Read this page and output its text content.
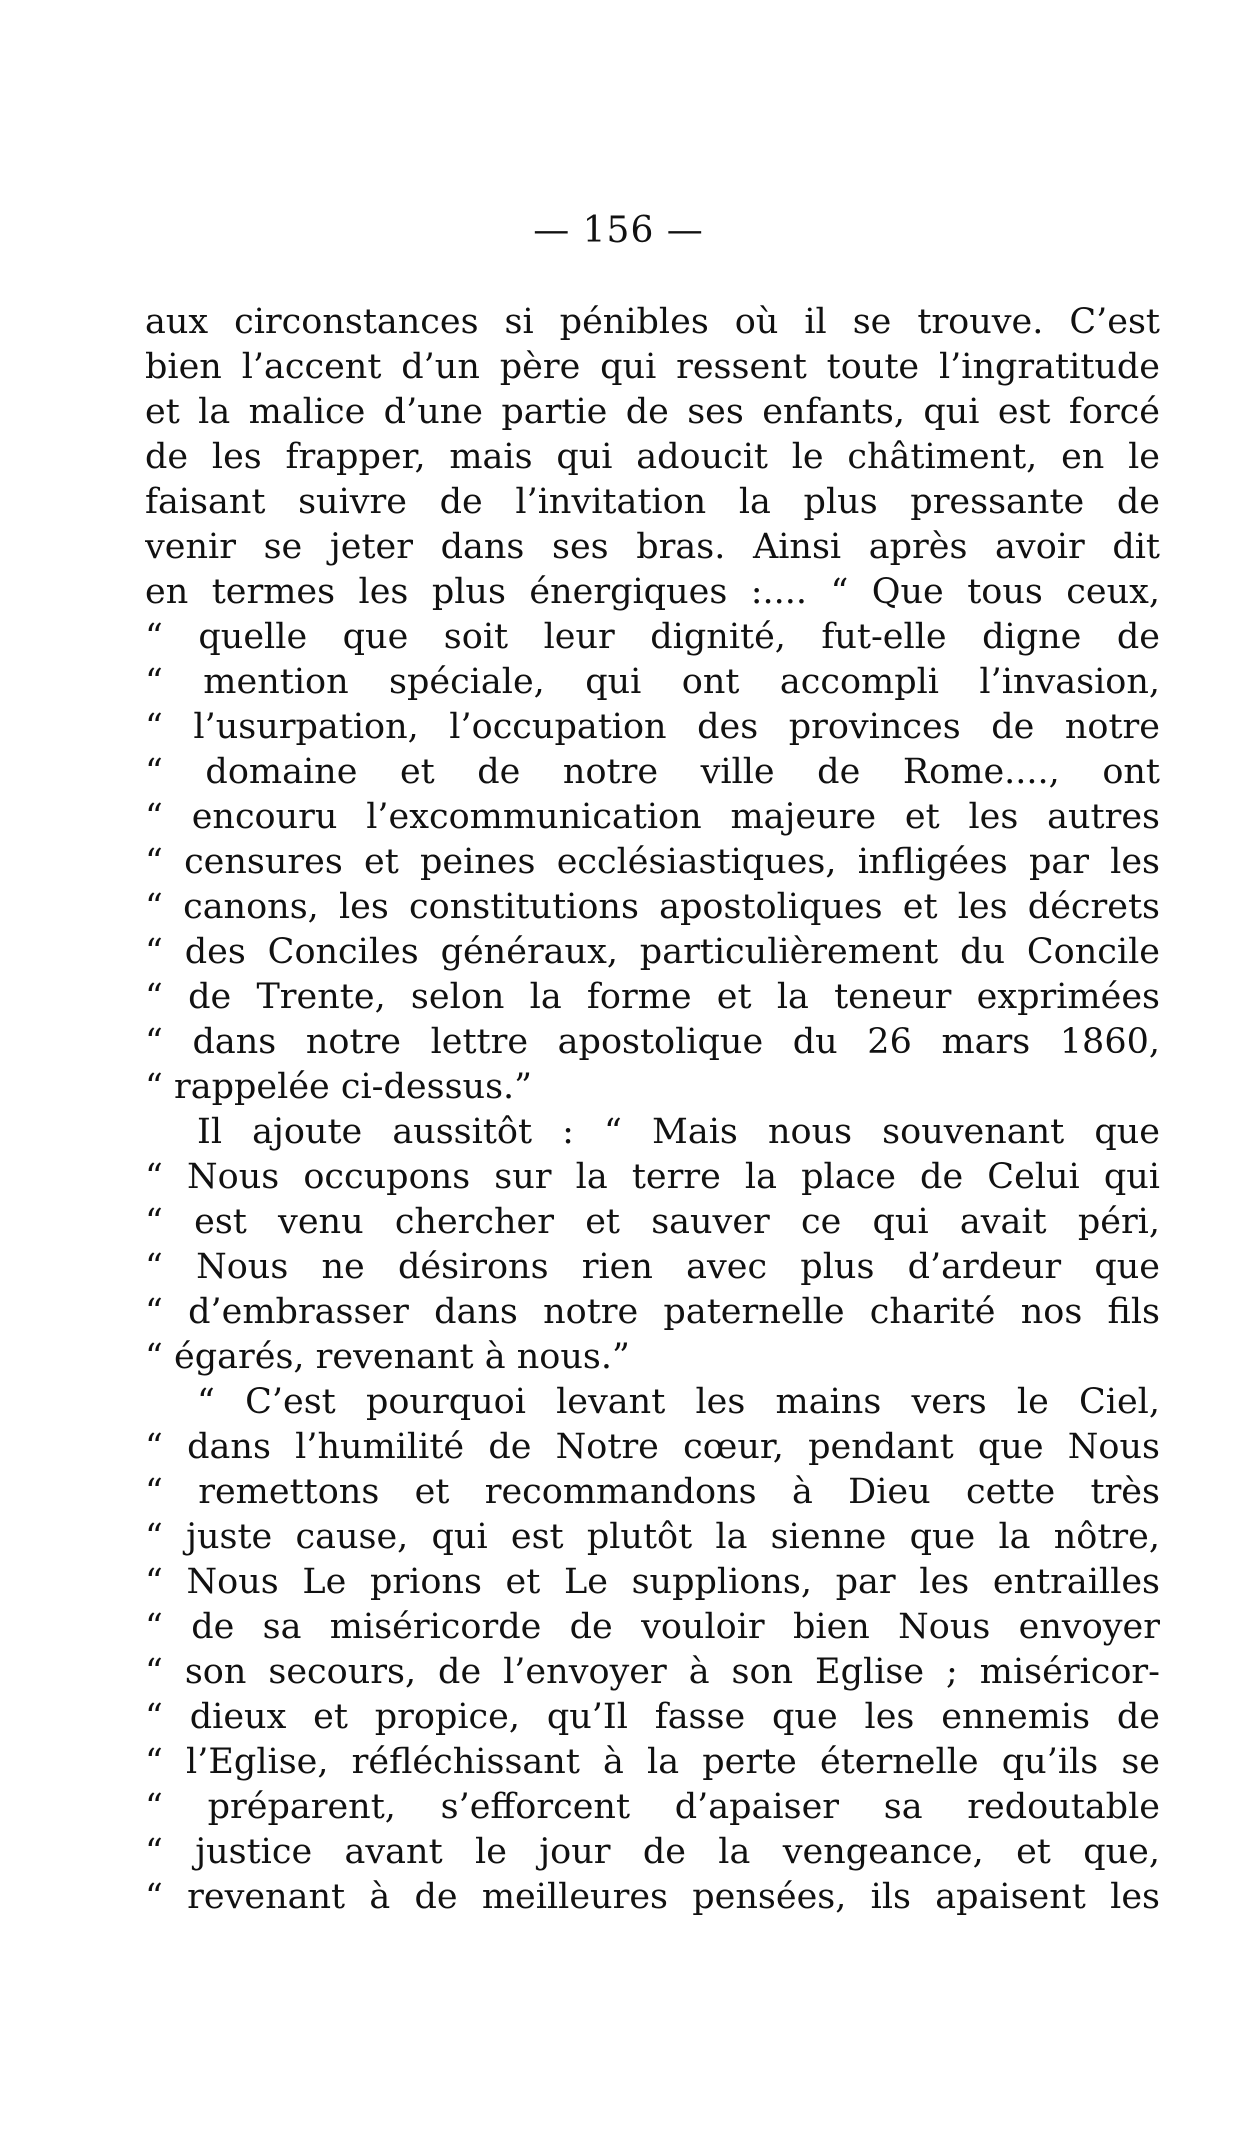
— 156 —
aux circonstances si pénibles où il se trouve. C’est
bien l’accent d’un père qui ressent toute l’ingratitude
et la malice d’une partie de ses enfants, qui est forcé
de les frapper, mais qui adoucit le châtiment, en le
faisant suivre de l’invitation la plus pressante de
venir se jeter dans ses bras. Ainsi après avoir dit
en termes les plus énergiques :.... “ Que tous ceux,
“ quelle que soit leur dignité, fut-elle digne de
“ mention spéciale, qui ont accompli l’invasion,
“ l’usurpation, l’occupation des provinces de notre
“ domaine et de notre ville de Rome...., ont
“ encouru l’excommunication majeure et les autres
“ censures et peines ecclésiastiques, infligées par les
“ canons, les constitutions apostoliques et les décrets
“ des Conciles généraux, particulièrement du Concile
“ de Trente, selon la forme et la teneur exprimées
“ dans notre lettre apostolique du 26 mars 1860,
“ rappelée ci-dessus.”
Il ajoute aussitôt : “ Mais nous souvenant que
“ Nous occupons sur la terre la place de Celui qui
“ est venu chercher et sauver ce qui avait péri,
“ Nous ne désirons rien avec plus d’ardeur que
“ d’embrasser dans notre paternelle charité nos fils
“ égarés, revenant à nous.”
“ C’est pourquoi levant les mains vers le Ciel,
“ dans l’humilité de Notre cœur, pendant que Nous
“ remettons et recommandons à Dieu cette très
“ juste cause, qui est plutôt la sienne que la nôtre,
“ Nous Le prions et Le supplions, par les entrailles
“ de sa miséricorde de vouloir bien Nous envoyer
“ son secours, de l’envoyer à son Eglise ; miséricor-
“ dieux et propice, qu’Il fasse que les ennemis de
“ l’Eglise, réfléchissant à la perte éternelle qu’ils se
“ préparent, s’efforcent d’apaiser sa redoutable
“ justice avant le jour de la vengeance, et que,
“ revenant à de meilleures pensées, ils apaisent les
